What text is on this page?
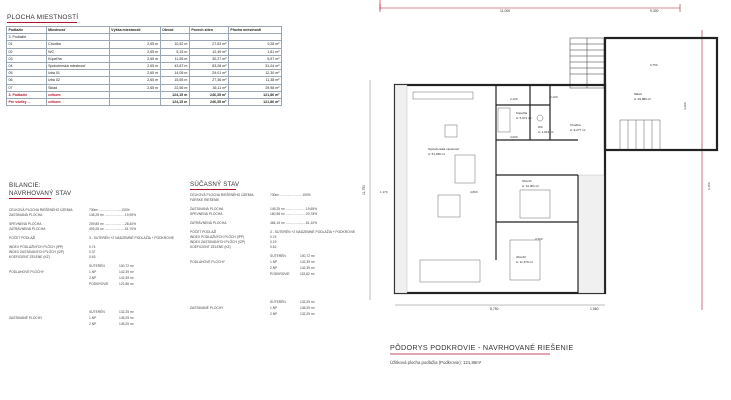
PLOCHA MIESTNOSTÍ
Podlažie	Miestnosť	Výška miestnosti	Obvod	Povrch stien	Plocha miestnosti
3. Podlažie					
01	Chodba	2,65 m	10,52 m	27,63 m²	9,28 m²
02	WC	2,65 m	5,15 m	12,49 m²	1,61 m²
03	Kúpeľňa	2,65 m	11,55 m	30,27 m²	5,97 m²
04	Spoločenská miestnosť	2,65 m	43,87 m	83,28 m²	51,04 m²
05	Izba 01	2,65 m	14,05 m	29,01 m²	12,30 m²
06	Izba 02	2,65 m	15,55 m	27,36 m²	11,38 m²
07	Sklad	2,65 m	22,56 m	36,11 m²	29,98 m²
3. Podlažie	celkom		124,15 m	246,35 m²	121,86 m²
Pre všetky ...	celkom		124,15 m	246,35 m²	121,86 m²
BILANCIE:
NAVRHOVANÝ STAV
CELKOVÁ PLOCHA RIEŠENÉHO ÚZEMIA	730m² ........................100%
ZASTAVANÁ PLOCHA	145,25 m² ......................19,90%
SPEVNENÁ PLOCHA	209,85 m² ......................28,40%
ZATRÁVNENÁ PLOCHA	409,28 m² ......................51,70%
POČET PODLAŽÍ	3 - SUTERÉN +2 NADZEMNÉ PODLAŽIA + PODKROVIE
INDEX PODLAŽNÝCH PLÔCH (IPP)	0.74
INDEX ZASTAVANÝCH PLÔCH (IZP)	0.37
KOEFICIENT ZELENE (KZ)	0.63
PODLAHOVÉ PLOCHY
SUTERÉN	100,72 m²
1.NP	142,39 m²
2.NP	142,39 m²
PODKROVIE	121,86 m²
ZASTAVANÉ PLOCHY
SUTERÉN	132,25 m²
1.NP	145,25 m²
2.NP	145,25 m²
SÚČASNÝ STAV
CELKOVÁ PLOCHA RIEŠENÉHO ÚZEMIA	730m² ........................100%
FÁRSKE RIEŠENIE
ZASTAVANÁ PLOCHA	145,25 m² ......................19,65%
SPEVNENÁ PLOCHA	160,98 m² ......................20,78%
ZATRÁVNENÁ PLOCHA	484,15 m² ......................61,10%
POČET PODLAŽÍ	3 - SUTERÉN +2 NADZEMNÉ PODLAŽIA + PODKROVIE
INDEX PODLAŽNÝCH PLÔCH (IPP)	0.74
INDEX ZASTAVANÝCH PLÔCH (IZP)	0.19
KOEFICIENT ZELENE (KZ)	0.61
PODLAHOVÉ PLOCHY
SUTERÉN	100,72 m²
1.NP	142,39 m²
2.NP	142,39 m²
PODKROVIE	115,82 m²
ZASTAVANÉ PLOCHY
SUTERÉN	132,25 m²
1.NP	145,25 m²
2.NP	132,25 m²
11,000	9,300
11,750
8,750	1,560
4,000
4,800
3,700
9,750
4,200
2,100
1,170
6,150
2,100
Sklad
A: 29,980 m²
Kúpeľňa
A: 5,971 m²
WC
A: 1,613 m²
Chodba
A: 9,277 m²
Spoločenská miestnosť
A: 51,036 m²
Izba 01
A: 12,301 m²
Izba 02
A: 11,379 m²
PÔDORYS PODKROVIE - NAVRHOVANÉ RIEŠENIE
Úžitková plocha podlažia (Podkrovie): 121,86m²
